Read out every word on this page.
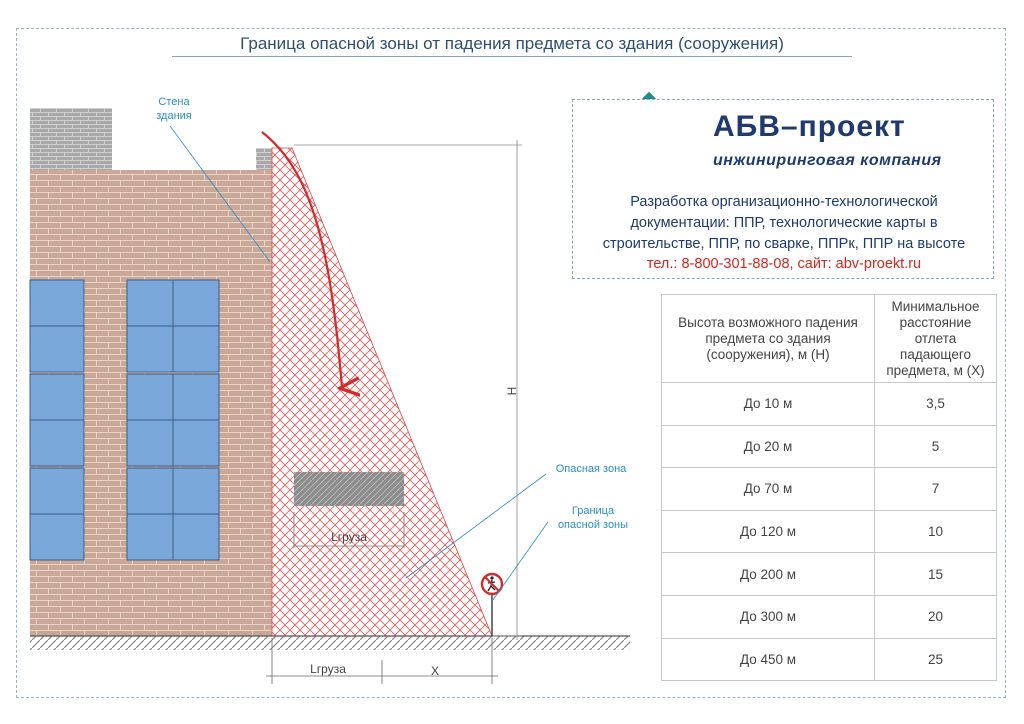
Граница опасной зоны от падения предмета со здания (сооружения)
Стена
здания
Опасная зона
Граница
опасной зоны
Lгруза
Lгруза	X
H
АБВ–проект
инжиниринговая компания
Разработка организационно-технологической документации: ППР, технологические карты в строительстве, ППР, по сварке, ППРк, ППР на высоте
тел.: 8-800-301-88-08, сайт: abv-proekt.ru
Высота возможного падения предмета со здания (сооружения), м (H)	Минимальное расстояние отлета падающего предмета, м (X)
До 10 м	3,5
До 20 м	5
До 70 м	7
До 120 м	10
До 200 м	15
До 300 м	20
До 450 м	25
